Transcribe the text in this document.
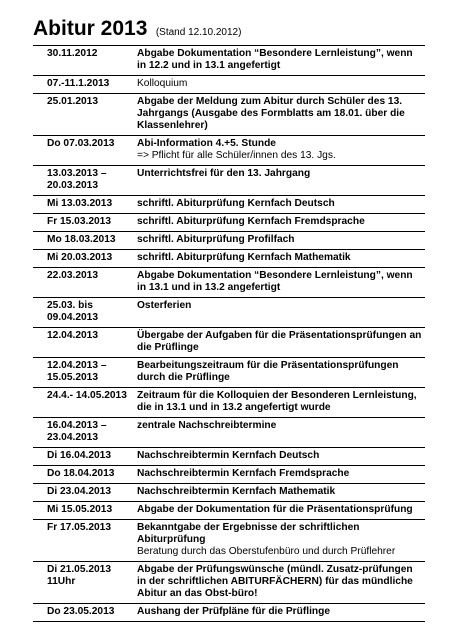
Abitur 2013 (Stand 12.10.2012)
30.11.2012	Abgabe Dokumentation “Besondere Lernleistung”, wenn in 12.2 und in 13.1 angefertigt
07.-11.1.2013	Kolloquium
25.01.2013	Abgabe der Meldung zum Abitur durch Schüler des 13. Jahrgangs (Ausgabe des Formblatts am 18.01. über die Klassenlehrer)
Do 07.03.2013	Abi-Information 4.+5. Stunde
=> Pflicht für alle Schüler/innen des 13. Jgs.

13.03.2013 – 20.03.2013	Unterrichtsfrei für den 13. Jahrgang
Mi 13.03.2013	schriftl. Abiturprüfung Kernfach Deutsch
Fr 15.03.2013	schriftl. Abiturprüfung Kernfach Fremdsprache
Mo 18.03.2013	schriftl. Abiturprüfung Profilfach
Mi 20.03.2013	schriftl. Abiturprüfung Kernfach Mathematik
22.03.2013	Abgabe Dokumentation “Besondere Lernleistung”, wenn in 13.1 und in 13.2 angefertigt
25.03. bis 09.04.2013	Osterferien
12.04.2013	Übergabe der Aufgaben für die Präsentationsprüfungen an die Prüflinge
12.04.2013 – 15.05.2013	Bearbeitungszeitraum für die Präsentationsprüfungen durch die Prüflinge
24.4.- 14.05.2013	Zeitraum für die Kolloquien der Besonderen Lernleistung, die in 13.1 und in 13.2 angefertigt wurde
16.04.2013 – 23.04.2013	zentrale Nachschreibtermine
Di 16.04.2013	Nachschreibtermin Kernfach Deutsch
Do 18.04.2013	Nachschreibtermin Kernfach Fremdsprache
Di 23.04.2013	Nachschreibtermin Kernfach Mathematik
Mi 15.05.2013	Abgabe der Dokumentation für die Präsentationsprüfung
Fr 17.05.2013	Bekanntgabe der Ergebnisse der schriftlichen Abiturprüfung
Beratung durch das Oberstufenbüro und durch Prüflehrer

Di 21.05.2013 11Uhr	Abgabe der Prüfungswünsche (mündl. Zusatz-prüfungen in der schriftlichen ABITURFÄCHERN) für das mündliche Abitur an das Obst-büro!
Do 23.05.2013	Aushang der Prüfpläne für die Prüflinge
